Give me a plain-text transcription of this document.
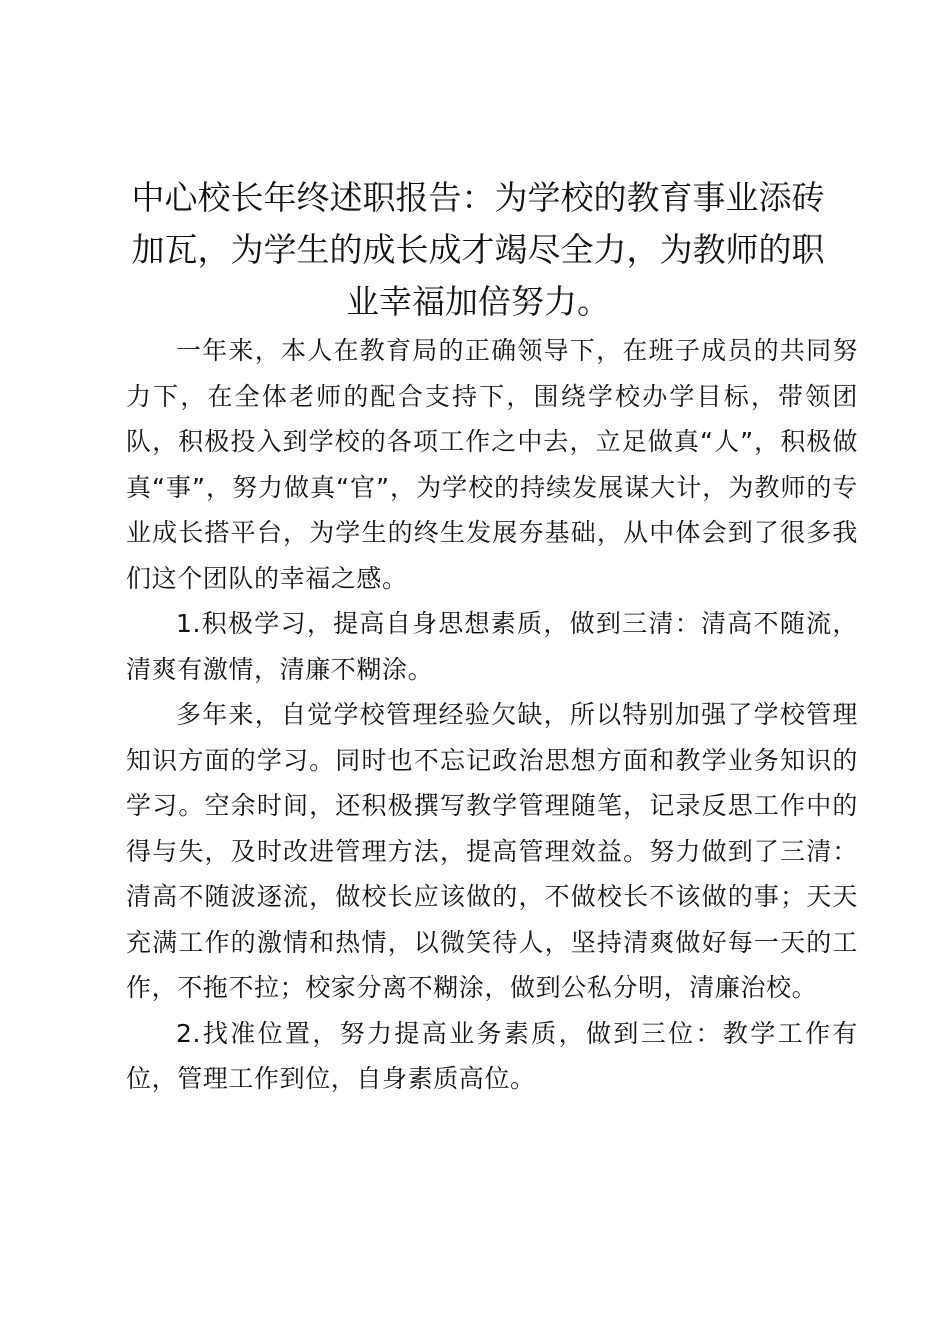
中心校长年终述职报告：为学校的教育事业添砖加瓦，为学生的成长成才竭尽全力，为教师的职业幸福加倍努力。

一年来，本人在教育局的正确领导下，在班子成员的共同努力下，在全体老师的配合支持下，围绕学校办学目标，带领团队，积极投入到学校的各项工作之中去，立足做真“人”，积极做真“事”，努力做真“官”，为学校的持续发展谋大计，为教师的专业成长搭平台，为学生的终生发展夯基础，从中体会到了很多我们这个团队的幸福之感。

1.积极学习，提高自身思想素质，做到三清：清高不随流，清爽有激情，清廉不糊涂。

多年来，自觉学校管理经验欠缺，所以特别加强了学校管理知识方面的学习。同时也不忘记政治思想方面和教学业务知识的学习。空余时间，还积极撰写教学管理随笔，记录反思工作中的得与失，及时改进管理方法，提高管理效益。努力做到了三清：清高不随波逐流，做校长应该做的，不做校长不该做的事；天天充满工作的激情和热情，以微笑待人，坚持清爽做好每一天的工作，不拖不拉；校家分离不糊涂，做到公私分明，清廉治校。

2.找准位置，努力提高业务素质，做到三位：教学工作有位，管理工作到位，自身素质高位。
